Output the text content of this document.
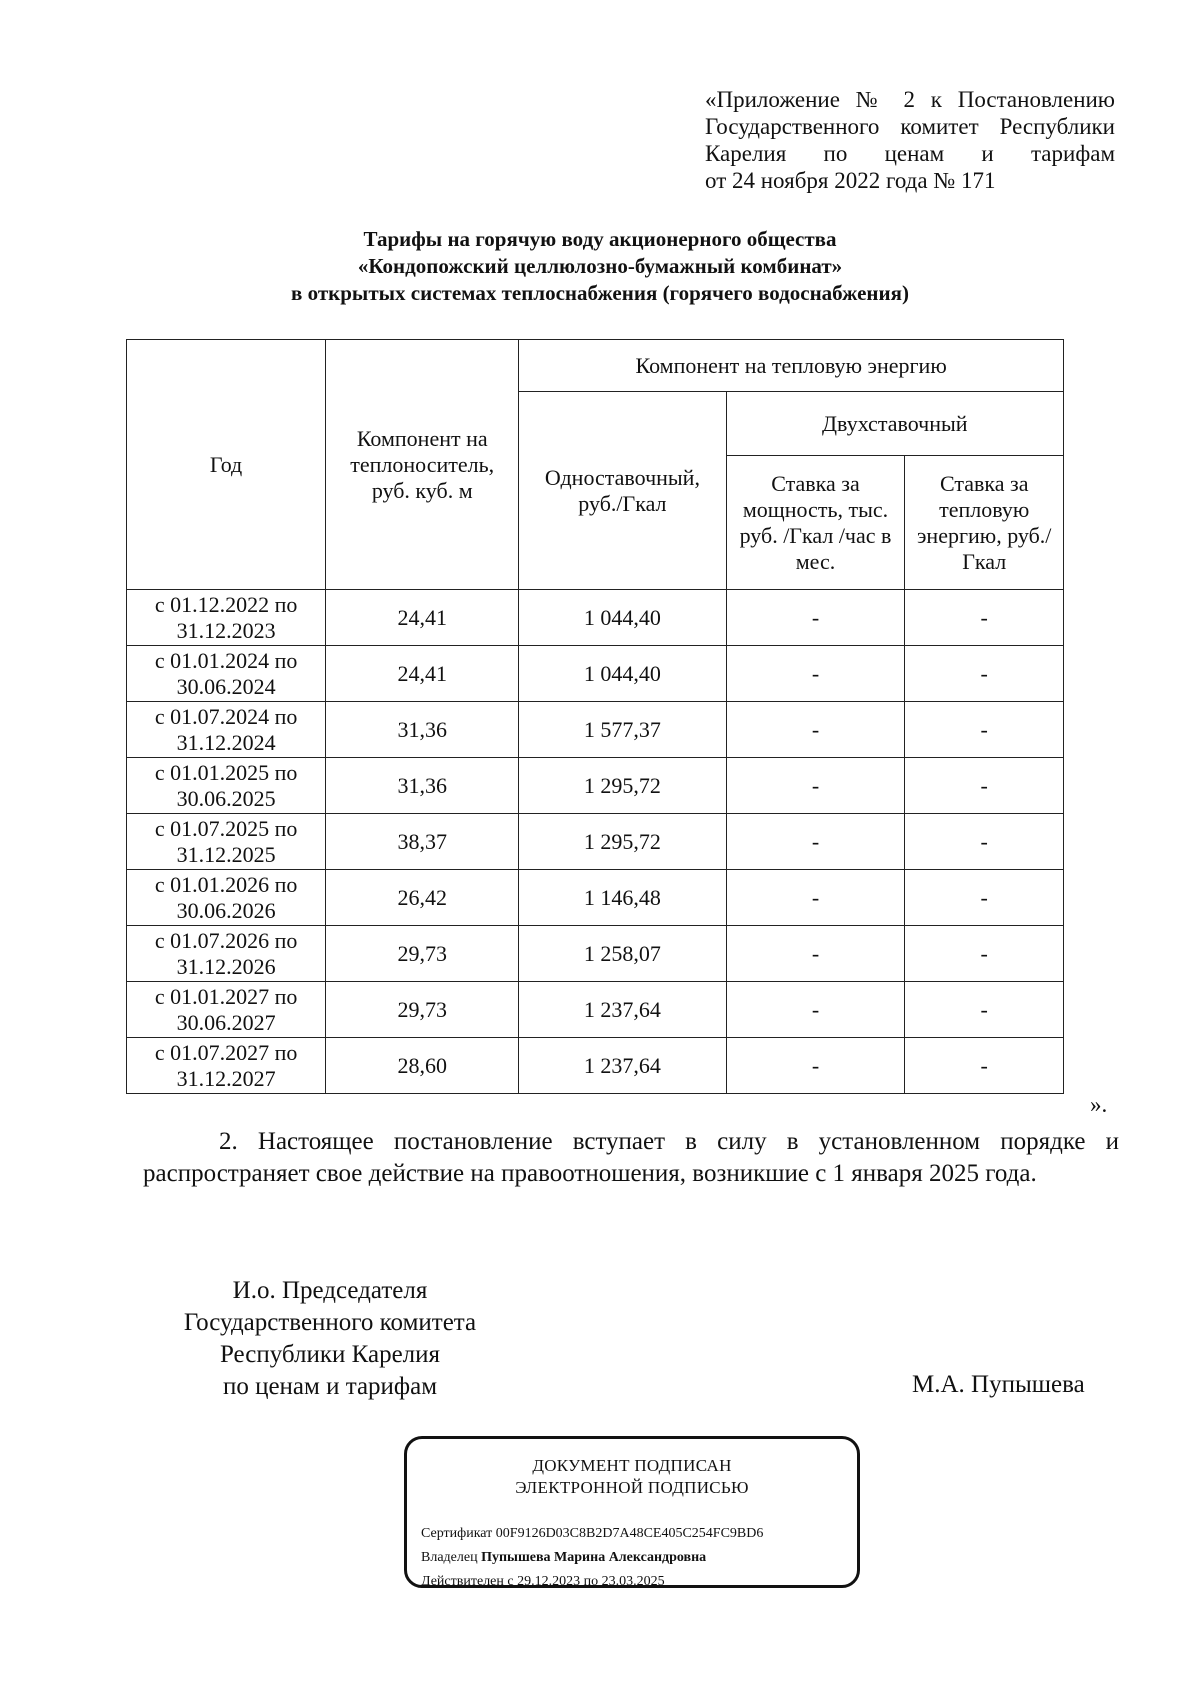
«Приложение № 2 к Постановлению
Государственного комитет Республики
Карелия по ценам и тарифам
от 24 ноября 2022 года № 171
Тарифы на горячую воду акционерного общества
«Кондопожский целлюлозно-бумажный комбинат»
в открытых системах теплоснабжения (горячего водоснабжения)
Год	Компонент на теплоноситель, руб. куб. м	Компонент на тепловую энергию		
		Одноставочный, руб./Гкал	Двухставочный	
			Ставка за мощность, тыс. руб. /Гкал /час в мес.	Ставка за тепловую энергию, руб./Гкал
с 01.12.2022 по 31.12.2023	24,41	1 044,40	-	-
с 01.01.2024 по 30.06.2024	24,41	1 044,40	-	-
с 01.07.2024 по 31.12.2024	31,36	1 577,37	-	-
с 01.01.2025 по 30.06.2025	31,36	1 295,72	-	-
с 01.07.2025 по 31.12.2025	38,37	1 295,72	-	-
с 01.01.2026 по 30.06.2026	26,42	1 146,48	-	-
с 01.07.2026 по 31.12.2026	29,73	1 258,07	-	-
с 01.01.2027 по 30.06.2027	29,73	1 237,64	-	-
с 01.07.2027 по 31.12.2027	28,60	1 237,64	-	-
».
2. Настоящее постановление вступает в силу в установленном порядке и распространяет свое действие на правоотношения, возникшие с 1 января 2025 года.
И.о. Председателя
Государственного комитета
Республики Карелия
по ценам и тарифам	М.А. Пупышева
ДОКУМЕНТ ПОДПИСАН
ЭЛЕКТРОННОЙ ПОДПИСЬЮ
Сертификат 00F9126D03C8B2D7A48CE405C254FC9BD6
Владелец Пупышева Марина Александровна
Действителен с 29.12.2023 по 23.03.2025
